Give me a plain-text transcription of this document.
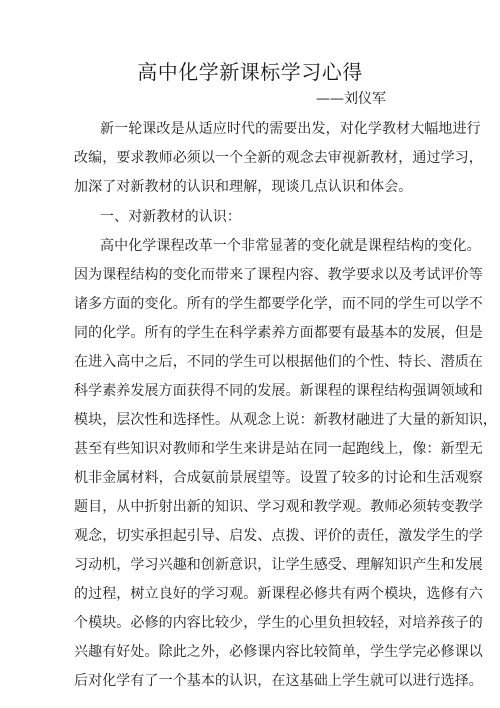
高中化学新课标学习心得
——刘仪军
新一轮课改是从适应时代的需要出发，对化学教材大幅地进行
改编，要求教师必须以一个全新的观念去审视新教材，通过学习，
加深了对新教材的认识和理解，现谈几点认识和体会。
一、对新教材的认识：
高中化学课程改革一个非常显著的变化就是课程结构的变化。
因为课程结构的变化而带来了课程内容、教学要求以及考试评价等
诸多方面的变化。所有的学生都要学化学，而不同的学生可以学不
同的化学。所有的学生在科学素养方面都要有最基本的发展，但是
在进入高中之后，不同的学生可以根据他们的个性、特长、潜质在
科学素养发展方面获得不同的发展。新课程的课程结构强调领域和
模块，层次性和选择性。从观念上说：新教材融进了大量的新知识，
甚至有些知识对教师和学生来讲是站在同一起跑线上，像：新型无
机非金属材料，合成氨前景展望等。设置了较多的讨论和生活观察
题目，从中折射出新的知识、学习观和教学观。教师必须转变教学
观念，切实承担起引导、启发、点拨、评价的责任，激发学生的学
习动机，学习兴趣和创新意识，让学生感受、理解知识产生和发展
的过程，树立良好的学习观。新课程必修共有两个模块，选修有六
个模块。必修的内容比较少，学生的心里负担较轻，对培养孩子的
兴趣有好处。除此之外，必修课内容比较简单，学生学完必修课以
后对化学有了一个基本的认识，在这基础上学生就可以进行选择。
